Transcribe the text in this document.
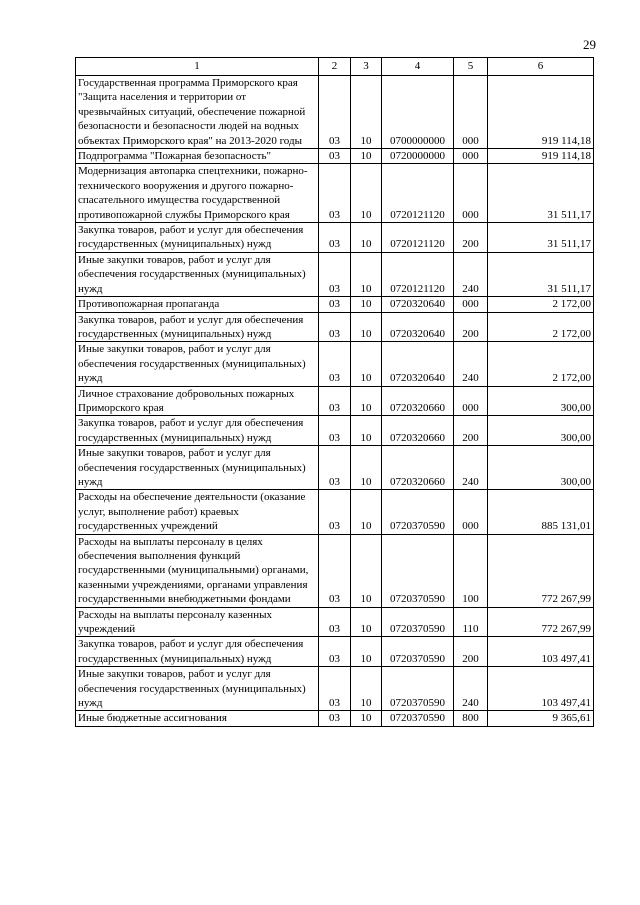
29
1	2	3	4	5	6
Государственная программа Приморского края "Защита населения и территории от чрезвычайных ситуаций, обеспечение пожарной безопасности и безопасности людей на водных объектах Приморского края" на 2013-2020 годы	03	10	0700000000	000	919 114,18
Подпрограмма "Пожарная безопасность"	03	10	0720000000	000	919 114,18
Модернизация автопарка спецтехники, пожарно-технического вооружения и другого пожарно-спасательного имущества государственной противопожарной службы Приморского края	03	10	0720121120	000	31 511,17
Закупка товаров, работ и услуг для обеспечения государственных (муниципальных) нужд	03	10	0720121120	200	31 511,17
Иные закупки товаров, работ и услуг для обеспечения государственных (муниципальных) нужд	03	10	0720121120	240	31 511,17
Противопожарная пропаганда	03	10	0720320640	000	2 172,00
Закупка товаров, работ и услуг для обеспечения государственных (муниципальных) нужд	03	10	0720320640	200	2 172,00
Иные закупки товаров, работ и услуг для обеспечения государственных (муниципальных) нужд	03	10	0720320640	240	2 172,00
Личное страхование добровольных пожарных Приморского края	03	10	0720320660	000	300,00
Закупка товаров, работ и услуг для обеспечения государственных (муниципальных) нужд	03	10	0720320660	200	300,00
Иные закупки товаров, работ и услуг для обеспечения государственных (муниципальных) нужд	03	10	0720320660	240	300,00
Расходы на обеспечение деятельности (оказание услуг, выполнение работ) краевых государственных учреждений	03	10	0720370590	000	885 131,01
Расходы на выплаты персоналу в целях обеспечения выполнения функций государственными (муниципальными) органами, казенными учреждениями, органами управления государственными внебюджетными фондами	03	10	0720370590	100	772 267,99
Расходы на выплаты персоналу казенных учреждений	03	10	0720370590	110	772 267,99
Закупка товаров, работ и услуг для обеспечения государственных (муниципальных) нужд	03	10	0720370590	200	103 497,41
Иные закупки товаров, работ и услуг для обеспечения государственных (муниципальных) нужд	03	10	0720370590	240	103 497,41
Иные бюджетные ассигнования	03	10	0720370590	800	9 365,61
